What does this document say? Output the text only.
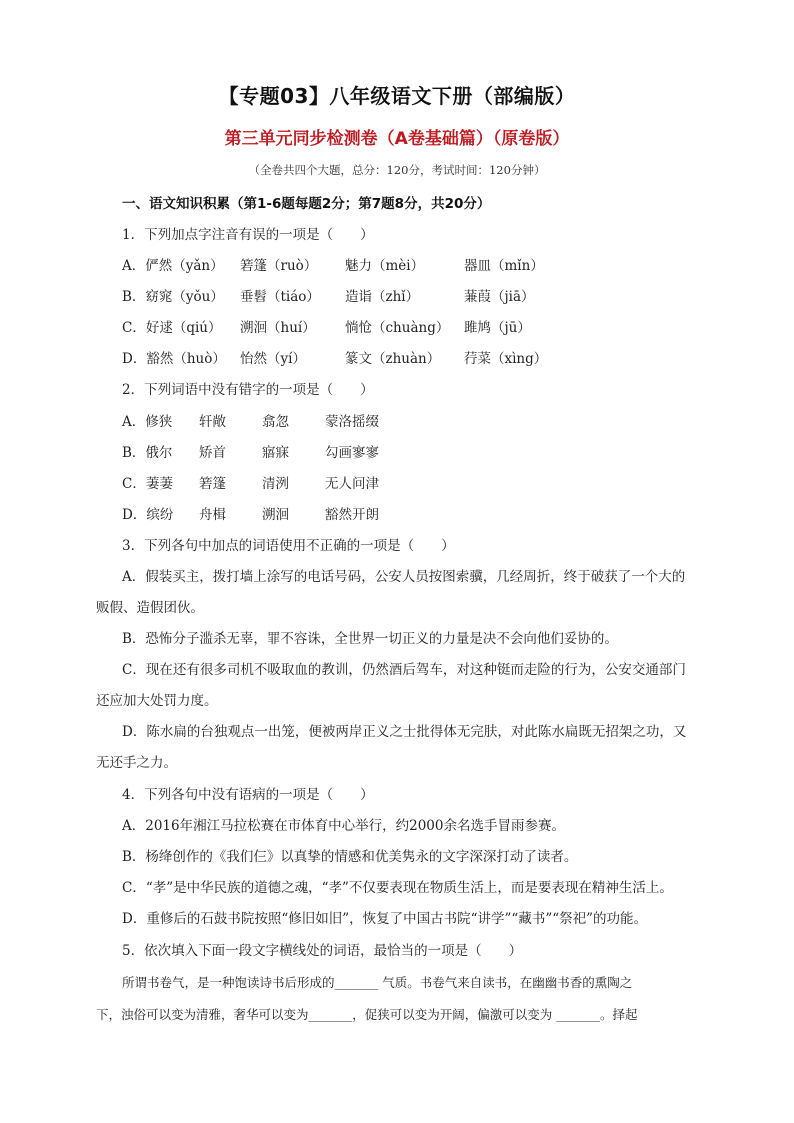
【专题03】八年级语文下册（部编版）
第三单元同步检测卷（A卷基础篇）（原卷版）
（全卷共四个大题，总分：120分，考试时间：120分钟）
一、语文知识积累（第1-6题每题2分；第7题8分，共20分）
1．下列加点字注音有误的一项是（　　）
A．俨然（yǎn） 箬篷（ruò） 魅力（mèi）	器皿（mǐn）
B．窈窕（yǒu） 垂髫（tiáo） 造诣（zhǐ）	蒹葭（jiā）
C．好逑（qiú） 溯洄（huí） 惝怆（chuàng） 雎鸠（jū）
D．豁然（huò） 怡然（yí）	篆文（zhuàn） 荇菜（xìng）
2．下列词语中没有错字的一项是（　　）
A．修狭 轩敞	翕忽	蒙洛摇缀
B．俄尔 矫首	寤寐	勾画寥寥
C．萋萋 箬篷	清洌	无人问津
D．缤纷 舟楫	溯洄	豁然开朗
3．下列各句中加点的词语使用不正确的一项是（　　）
A．假装买主，拨打墙上涂写的电话号码，公安人员按图索骥，几经周折，终于破获了一个大的
贩假、造假团伙。
B．恐怖分子滥杀无辜，罪不容诛，全世界一切正义的力量是决不会向他们妥协的。
C．现在还有很多司机不吸取血的教训，仍然酒后驾车，对这种铤而走险的行为，公安交通部门
还应加大处罚力度。
D．陈水扁的台独观点一出笼，便被两岸正义之士批得体无完肤，对此陈水扁既无招架之功，又
无还手之力。
4．下列各句中没有语病的一项是（　　）
A．2016年湘江马拉松赛在市体育中心举行，约2000余名选手冒雨参赛。
B．杨绛创作的《我们仨》以真挚的情感和优美隽永的文字深深打动了读者。
C．“孝”是中华民族的道德之魂，“孝”不仅要表现在物质生活上，而是要表现在精神生活上。
D．重修后的石鼓书院按照“修旧如旧”，恢复了中国古书院“讲学”“藏书”“祭祀”的功能。
5．依次填入下面一段文字横线处的词语，最恰当的一项是（　　）
所谓书卷气，是一种饱读诗书后形成的_______ 气质。书卷气来自读书，在幽幽书香的熏陶之
下，浊俗可以变为清雅，奢华可以变为_______，促狭可以变为开阔，偏激可以变为 _______。择起
